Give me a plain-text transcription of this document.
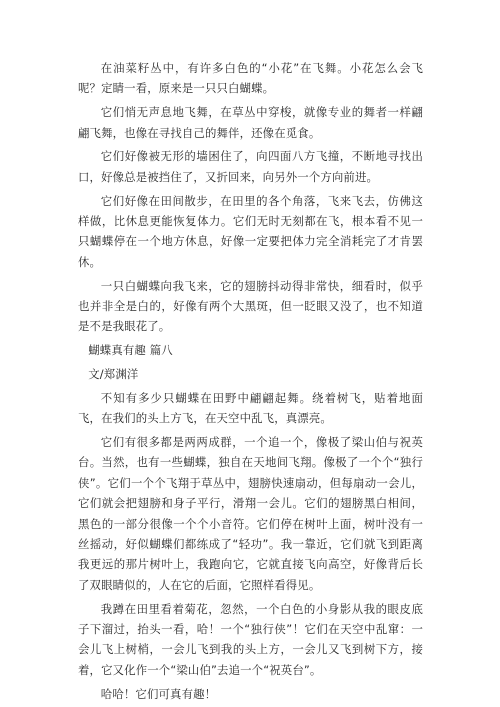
在油菜籽丛中，有许多白色的“小花”在飞舞。小花怎么会飞呢？定睛一看，原来是一只只白蝴蝶。

它们悄无声息地飞舞，在草丛中穿梭，就像专业的舞者一样翩翩飞舞，也像在寻找自己的舞伴，还像在觅食。

它们好像被无形的墙困住了，向四面八方飞撞，不断地寻找出口，好像总是被挡住了，又折回来，向另外一个方向前进。

它们好像在田间散步，在田里的各个角落，飞来飞去，仿佛这样做，比休息更能恢复体力。它们无时无刻都在飞，根本看不见一只蝴蝶停在一个地方休息，好像一定要把体力完全消耗完了才肯罢休。

一只白蝴蝶向我飞来，它的翅膀抖动得非常快，细看时，似乎也并非全是白的，好像有两个大黑斑，但一眨眼又没了，也不知道是不是我眼花了。

蝴蝶真有趣 篇八

文/郑渊洋

不知有多少只蝴蝶在田野中翩翩起舞。绕着树飞，贴着地面飞，在我们的头上方飞，在天空中乱飞，真漂亮。

它们有很多都是两两成群，一个追一个，像极了梁山伯与祝英台。当然，也有一些蝴蝶，独自在天地间飞翔。像极了一个个“独行侠”。它们一个个飞翔于草丛中，翅膀快速扇动，但每扇动一会儿，它们就会把翅膀和身子平行，滑翔一会儿。它们的翅膀黑白相间，黑色的一部分很像一个个小音符。它们停在树叶上面，树叶没有一丝摇动，好似蝴蝶们都练成了“轻功”。我一靠近，它们就飞到距离我更远的那片树叶上，我跑向它，它就直接飞向高空，好像背后长了双眼睛似的，人在它的后面，它照样看得见。

我蹲在田里看着菊花，忽然，一个白色的小身影从我的眼皮底子下溜过，抬头一看，哈！一个“独行侠”！它们在天空中乱窜：一会儿飞上树梢，一会儿飞到我的头上方，一会儿又飞到树下方，接着，它又化作一个“梁山伯”去追一个“祝英台”。

哈哈！它们可真有趣！
